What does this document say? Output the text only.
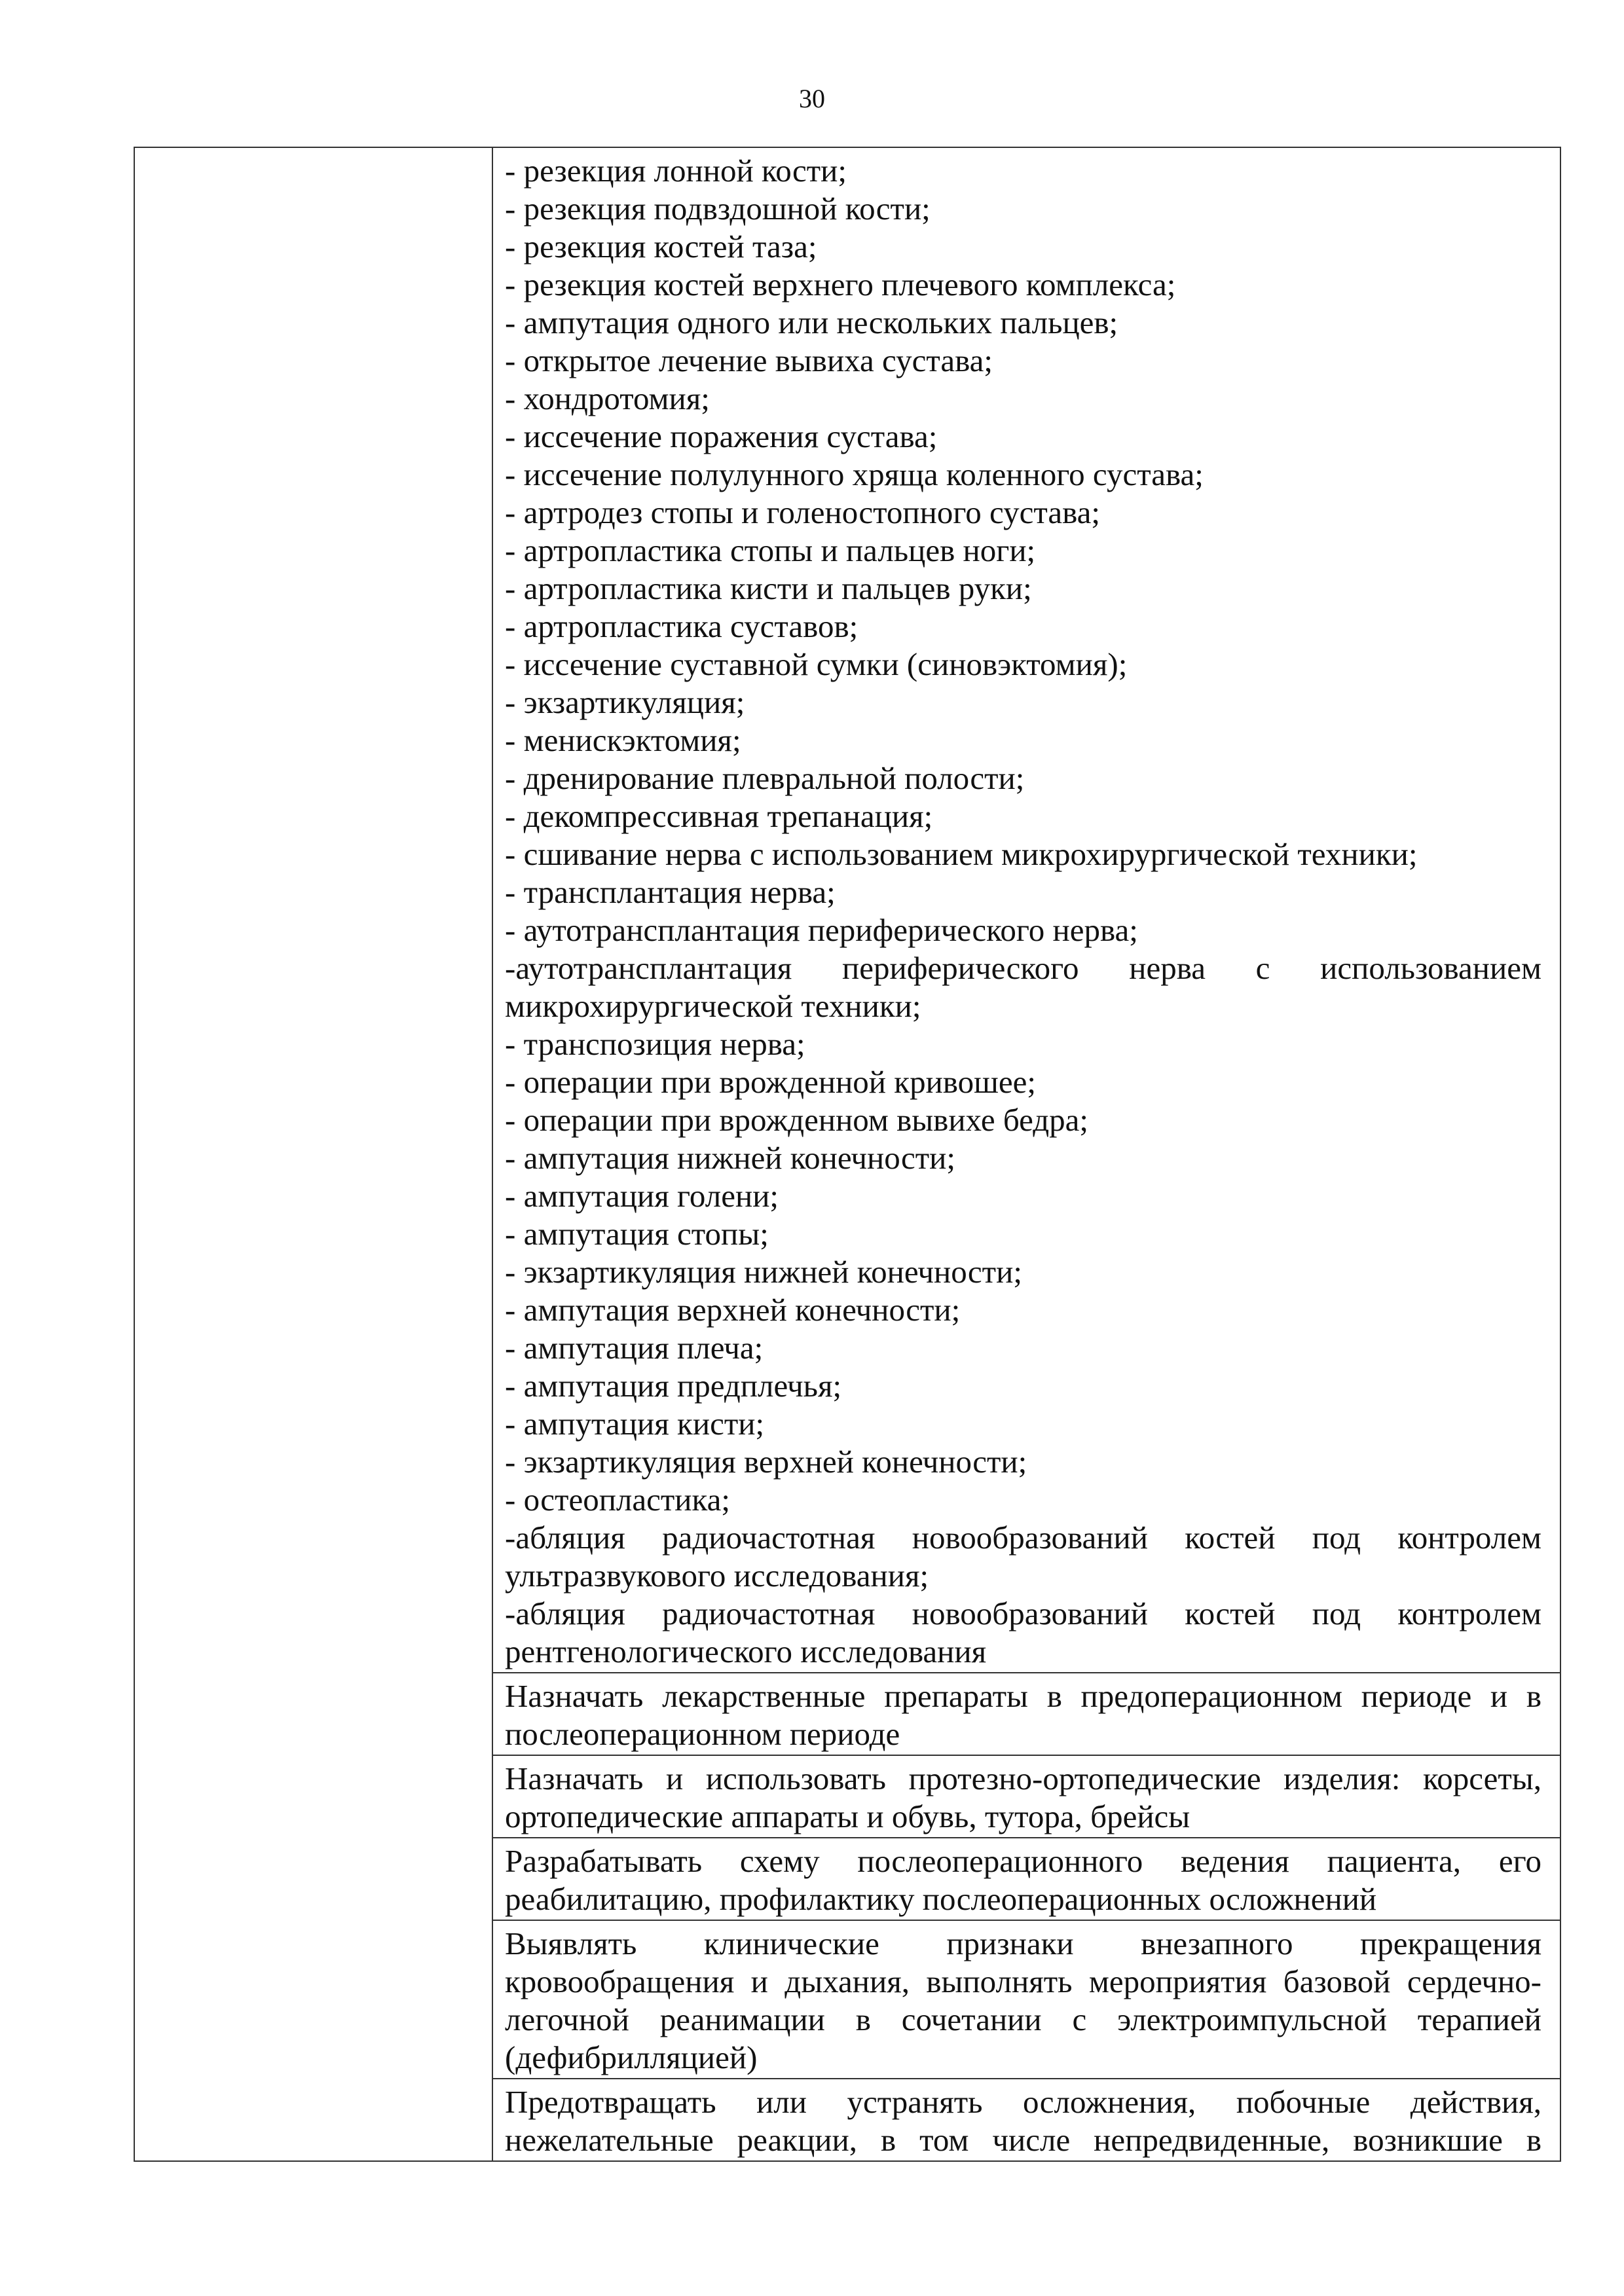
30

- резекция лонной кости;
- резекция подвздошной кости;
- резекция костей таза;
- резекция костей верхнего плечевого комплекса;
- ампутация одного или нескольких пальцев;
- открытое лечение вывиха сустава;
- хондротомия;
- иссечение поражения сустава;
- иссечение полулунного хряща коленного сустава;
- артродез стопы и голеностопного сустава;
- артропластика стопы и пальцев ноги;
- артропластика кисти и пальцев руки;
- артропластика суставов;
- иссечение суставной сумки (синовэктомия);
- экзартикуляция;
- менискэктомия;
- дренирование плевральной полости;
- декомпрессивная трепанация;
- сшивание нерва с использованием микрохирургической техники;
- трансплантация нерва;
- аутотрансплантация периферического нерва;
-аутотрансплантация периферического нерва с использованием
микрохирургической техники;
- транспозиция нерва;
- операции при врожденной кривошее;
- операции при врожденном вывихе бедра;
- ампутация нижней конечности;
- ампутация голени;
- ампутация стопы;
- экзартикуляция нижней конечности;
- ампутация верхней конечности;
- ампутация плеча;
- ампутация предплечья;
- ампутация кисти;
- экзартикуляция верхней конечности;
- остеопластика;
-абляция радиочастотная новообразований костей под контролем
ультразвукового исследования;
-абляция радиочастотная новообразований костей под контролем
рентгенологического исследования
Назначать лекарственные препараты в предоперационном периоде и в
послеоперационном периоде
Назначать и использовать протезно-ортопедические изделия: корсеты,
ортопедические аппараты и обувь, тутора, брейсы
Разрабатывать схему послеоперационного ведения пациента, его
реабилитацию, профилактику послеоперационных осложнений
Выявлять клинические признаки внезапного прекращения
кровообращения и дыхания, выполнять мероприятия базовой сердечно-
легочной реанимации в сочетании с электроимпульсной терапией
(дефибрилляцией)
Предотвращать или устранять осложнения, побочные действия,
нежелательные реакции, в том числе непредвиденные, возникшие в
